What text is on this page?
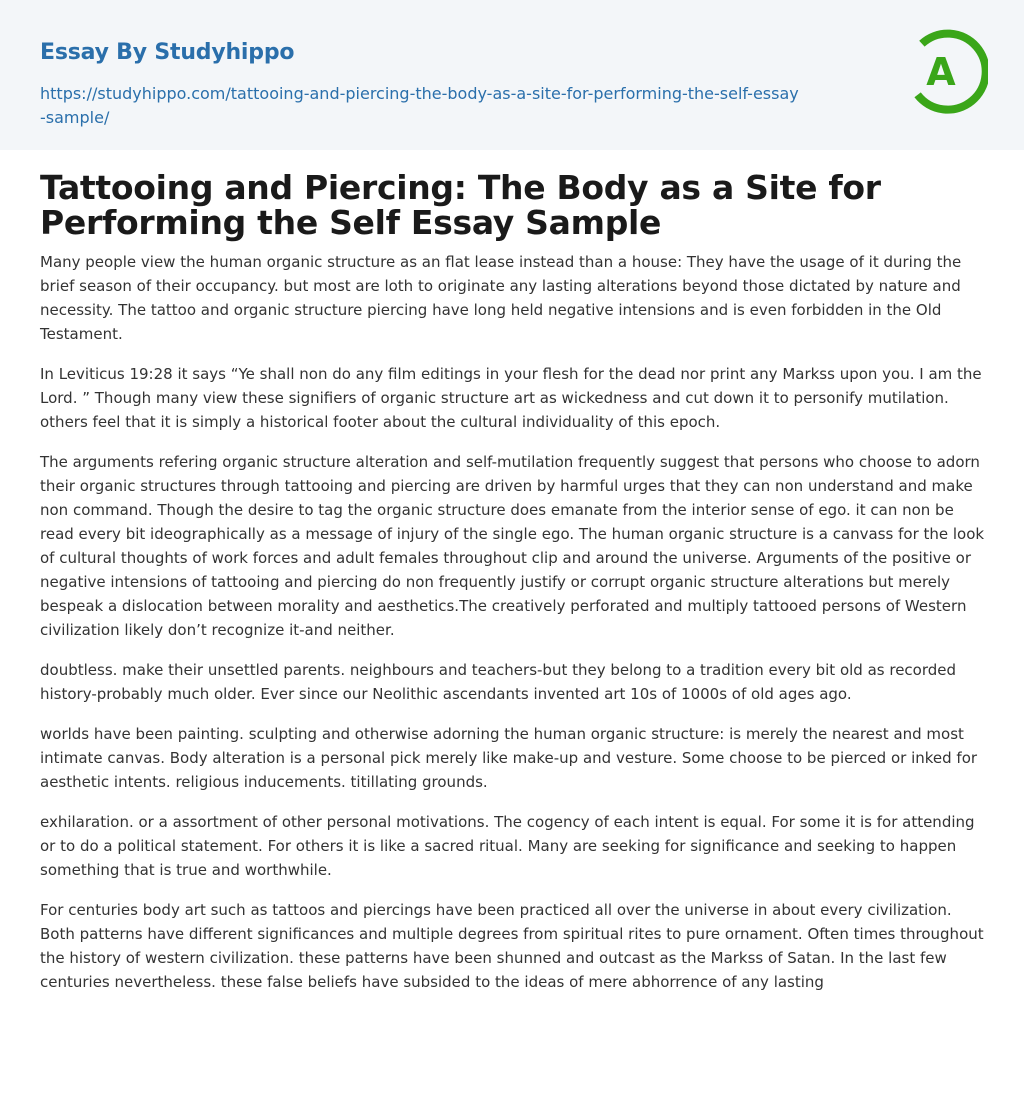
Essay By Studyhippo
https://studyhippo.com/tattooing-and-piercing-the-body-as-a-site-for-performing-the-self-essay-sample/
A
Tattooing and Piercing: The Body as a Site for Performing the Self Essay Sample

Many people view the human organic structure as an flat lease instead than a house: They have the usage of it during the brief season of their occupancy. but most are loth to originate any lasting alterations beyond those dictated by nature and necessity. The tattoo and organic structure piercing have long held negative intensions and is even forbidden in the Old Testament.

In Leviticus 19:28 it says “Ye shall non do any film editings in your flesh for the dead nor print any Markss upon you. I am the Lord. ” Though many view these signifiers of organic structure art as wickedness and cut down it to personify mutilation. others feel that it is simply a historical footer about the cultural individuality of this epoch.

The arguments refering organic structure alteration and self-mutilation frequently suggest that persons who choose to adorn their organic structures through tattooing and piercing are driven by harmful urges that they can non understand and make non command. Though the desire to tag the organic structure does emanate from the interior sense of ego. it can non be read every bit ideographically as a message of injury of the single ego. The human organic structure is a canvass for the look of cultural thoughts of work forces and adult females throughout clip and around the universe. Arguments of the positive or negative intensions of tattooing and piercing do non frequently justify or corrupt organic structure alterations but merely bespeak a dislocation between morality and aesthetics.The creatively perforated and multiply tattooed persons of Western civilization likely don’t recognize it-and neither.

doubtless. make their unsettled parents. neighbours and teachers-but they belong to a tradition every bit old as recorded history-probably much older. Ever since our Neolithic ascendants invented art 10s of 1000s of old ages ago.

worlds have been painting. sculpting and otherwise adorning the human organic structure: is merely the nearest and most intimate canvas. Body alteration is a personal pick merely like make-up and vesture. Some choose to be pierced or inked for aesthetic intents. religious inducements. titillating grounds.

exhilaration. or a assortment of other personal motivations. The cogency of each intent is equal. For some it is for attending or to do a political statement. For others it is like a sacred ritual. Many are seeking for significance and seeking to happen something that is true and worthwhile.

For centuries body art such as tattoos and piercings have been practiced all over the universe in about every civilization. Both patterns have different significances and multiple degrees from spiritual rites to pure ornament. Often times throughout the history of western civilization. these patterns have been shunned and outcast as the Markss of Satan. In the last few centuries nevertheless. these false beliefs have subsided to the ideas of mere abhorrence of any lasting
